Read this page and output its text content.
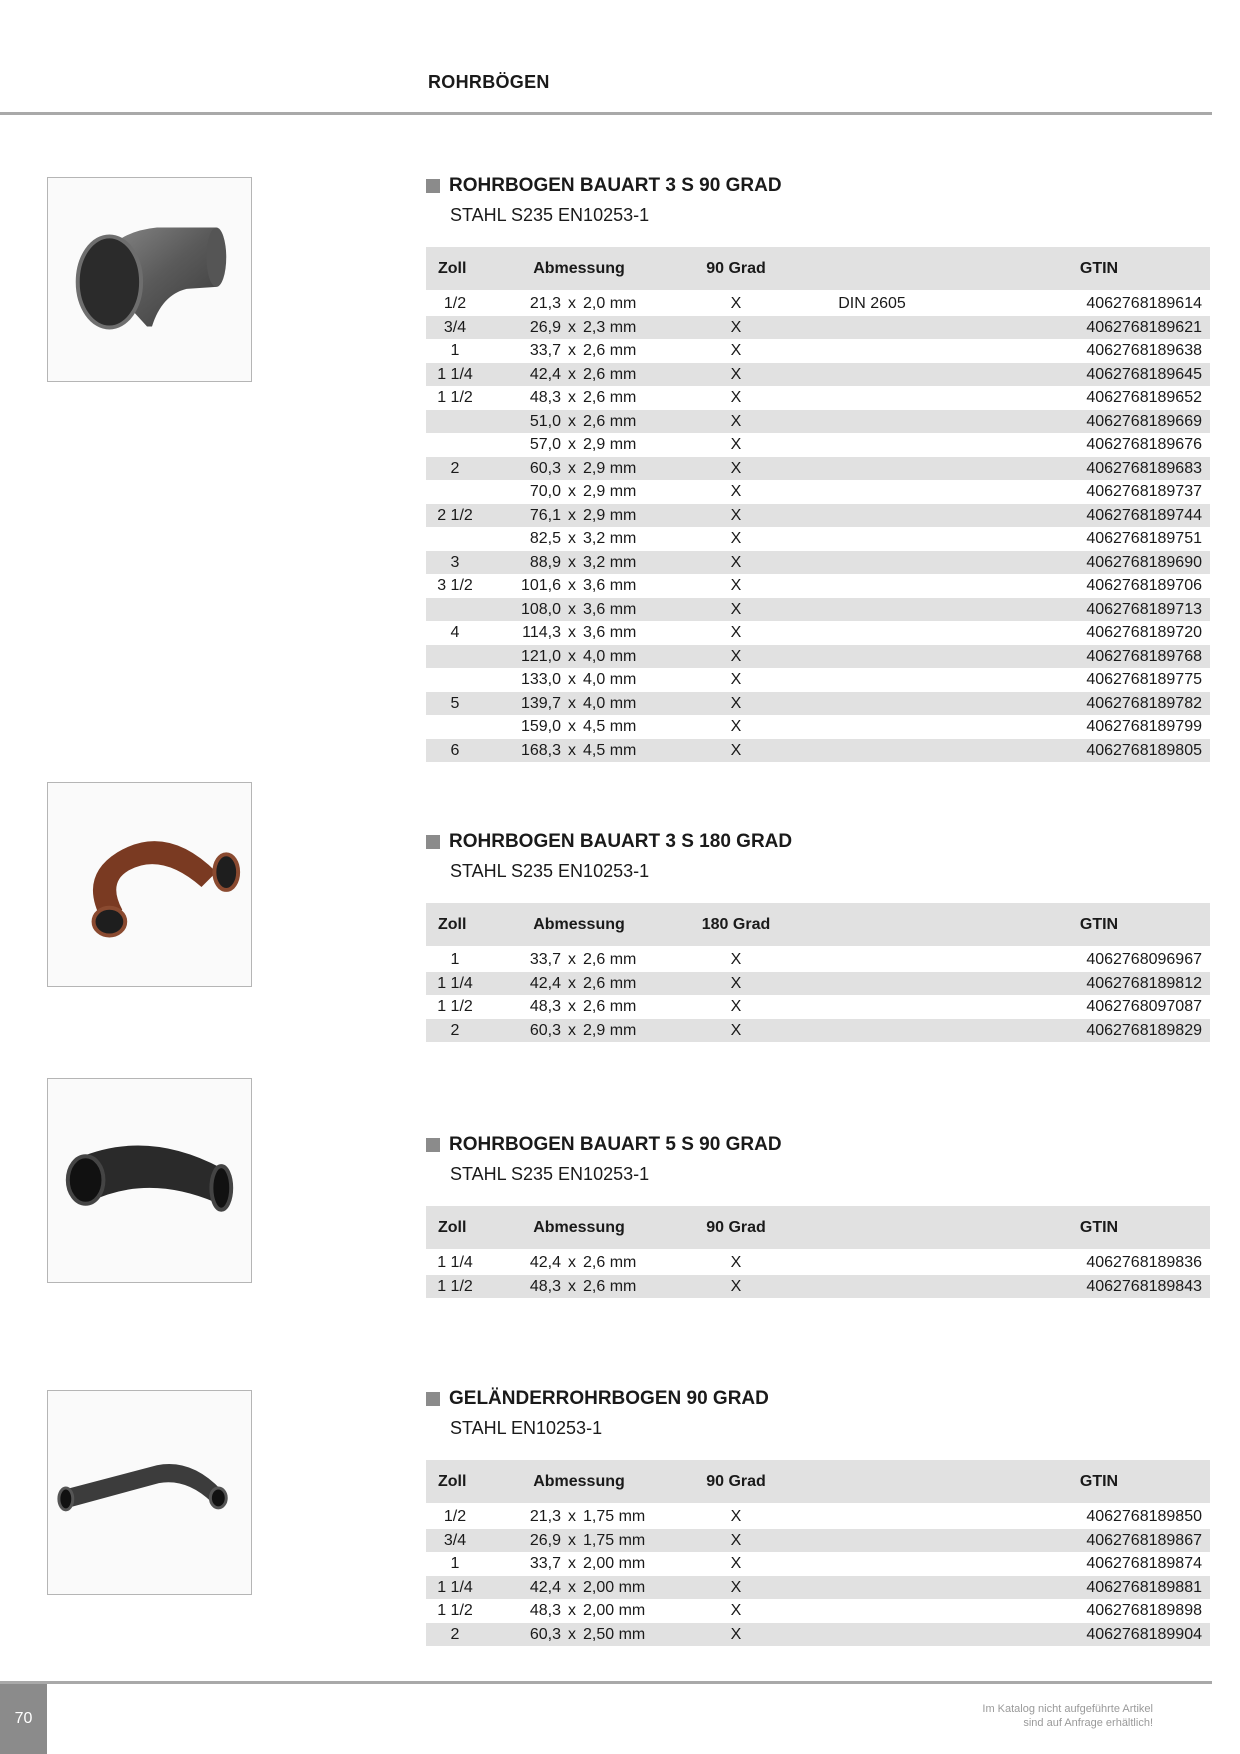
ROHRBÖGEN
ROHRBOGEN BAUART 3 S 90 GRAD
STAHL S235 EN10253-1
Zoll	Abmessung	90 Grad		GTIN
1/2	21,3 x 2,0 mm	X	DIN 2605	4062768189614
3/4	26,9 x 2,3 mm	X		4062768189621
1	33,7 x 2,6 mm	X		4062768189638
1 1/4	42,4 x 2,6 mm	X		4062768189645
1 1/2	48,3 x 2,6 mm	X		4062768189652

	51,0 x 2,6 mm	X		4062768189669

	57,0 x 2,9 mm	X		4062768189676
2	60,3 x 2,9 mm	X		4062768189683

	70,0 x 2,9 mm	X		4062768189737
2 1/2	76,1 x 2,9 mm	X		4062768189744

	82,5 x 3,2 mm	X		4062768189751
3	88,9 x 3,2 mm	X		4062768189690
3 1/2	101,6 x 3,6 mm	X		4062768189706

	108,0 x 3,6 mm	X		4062768189713
4	114,3 x 3,6 mm	X		4062768189720

	121,0 x 4,0 mm	X		4062768189768

	133,0 x 4,0 mm	X		4062768189775
5	139,7 x 4,0 mm	X		4062768189782

	159,0 x 4,5 mm	X		4062768189799
6	168,3 x 4,5 mm	X		4062768189805
ROHRBOGEN BAUART 3 S 180 GRAD
STAHL S235 EN10253-1
Zoll	Abmessung	180 Grad		GTIN
1	33,7 x 2,6 mm	X		4062768096967
1 1/4	42,4 x 2,6 mm	X		4062768189812
1 1/2	48,3 x 2,6 mm	X		4062768097087
2	60,3 x 2,9 mm	X		4062768189829
ROHRBOGEN BAUART 5 S 90 GRAD
STAHL S235 EN10253-1
Zoll	Abmessung	90 Grad		GTIN
1 1/4	42,4 x 2,6 mm	X		4062768189836
1 1/2	48,3 x 2,6 mm	X		4062768189843
GELÄNDERROHRBOGEN 90 GRAD
STAHL EN10253-1
Zoll	Abmessung	90 Grad		GTIN
1/2	21,3 x 1,75 mm	X		4062768189850
3/4	26,9 x 1,75 mm	X		4062768189867
1	33,7 x 2,00 mm	X		4062768189874
1 1/4	42,4 x 2,00 mm	X		4062768189881
1 1/2	48,3 x 2,00 mm	X		4062768189898
2	60,3 x 2,50 mm	X		4062768189904
70
Im Katalog nicht aufgeführte Artikel
sind auf Anfrage erhältlich!
